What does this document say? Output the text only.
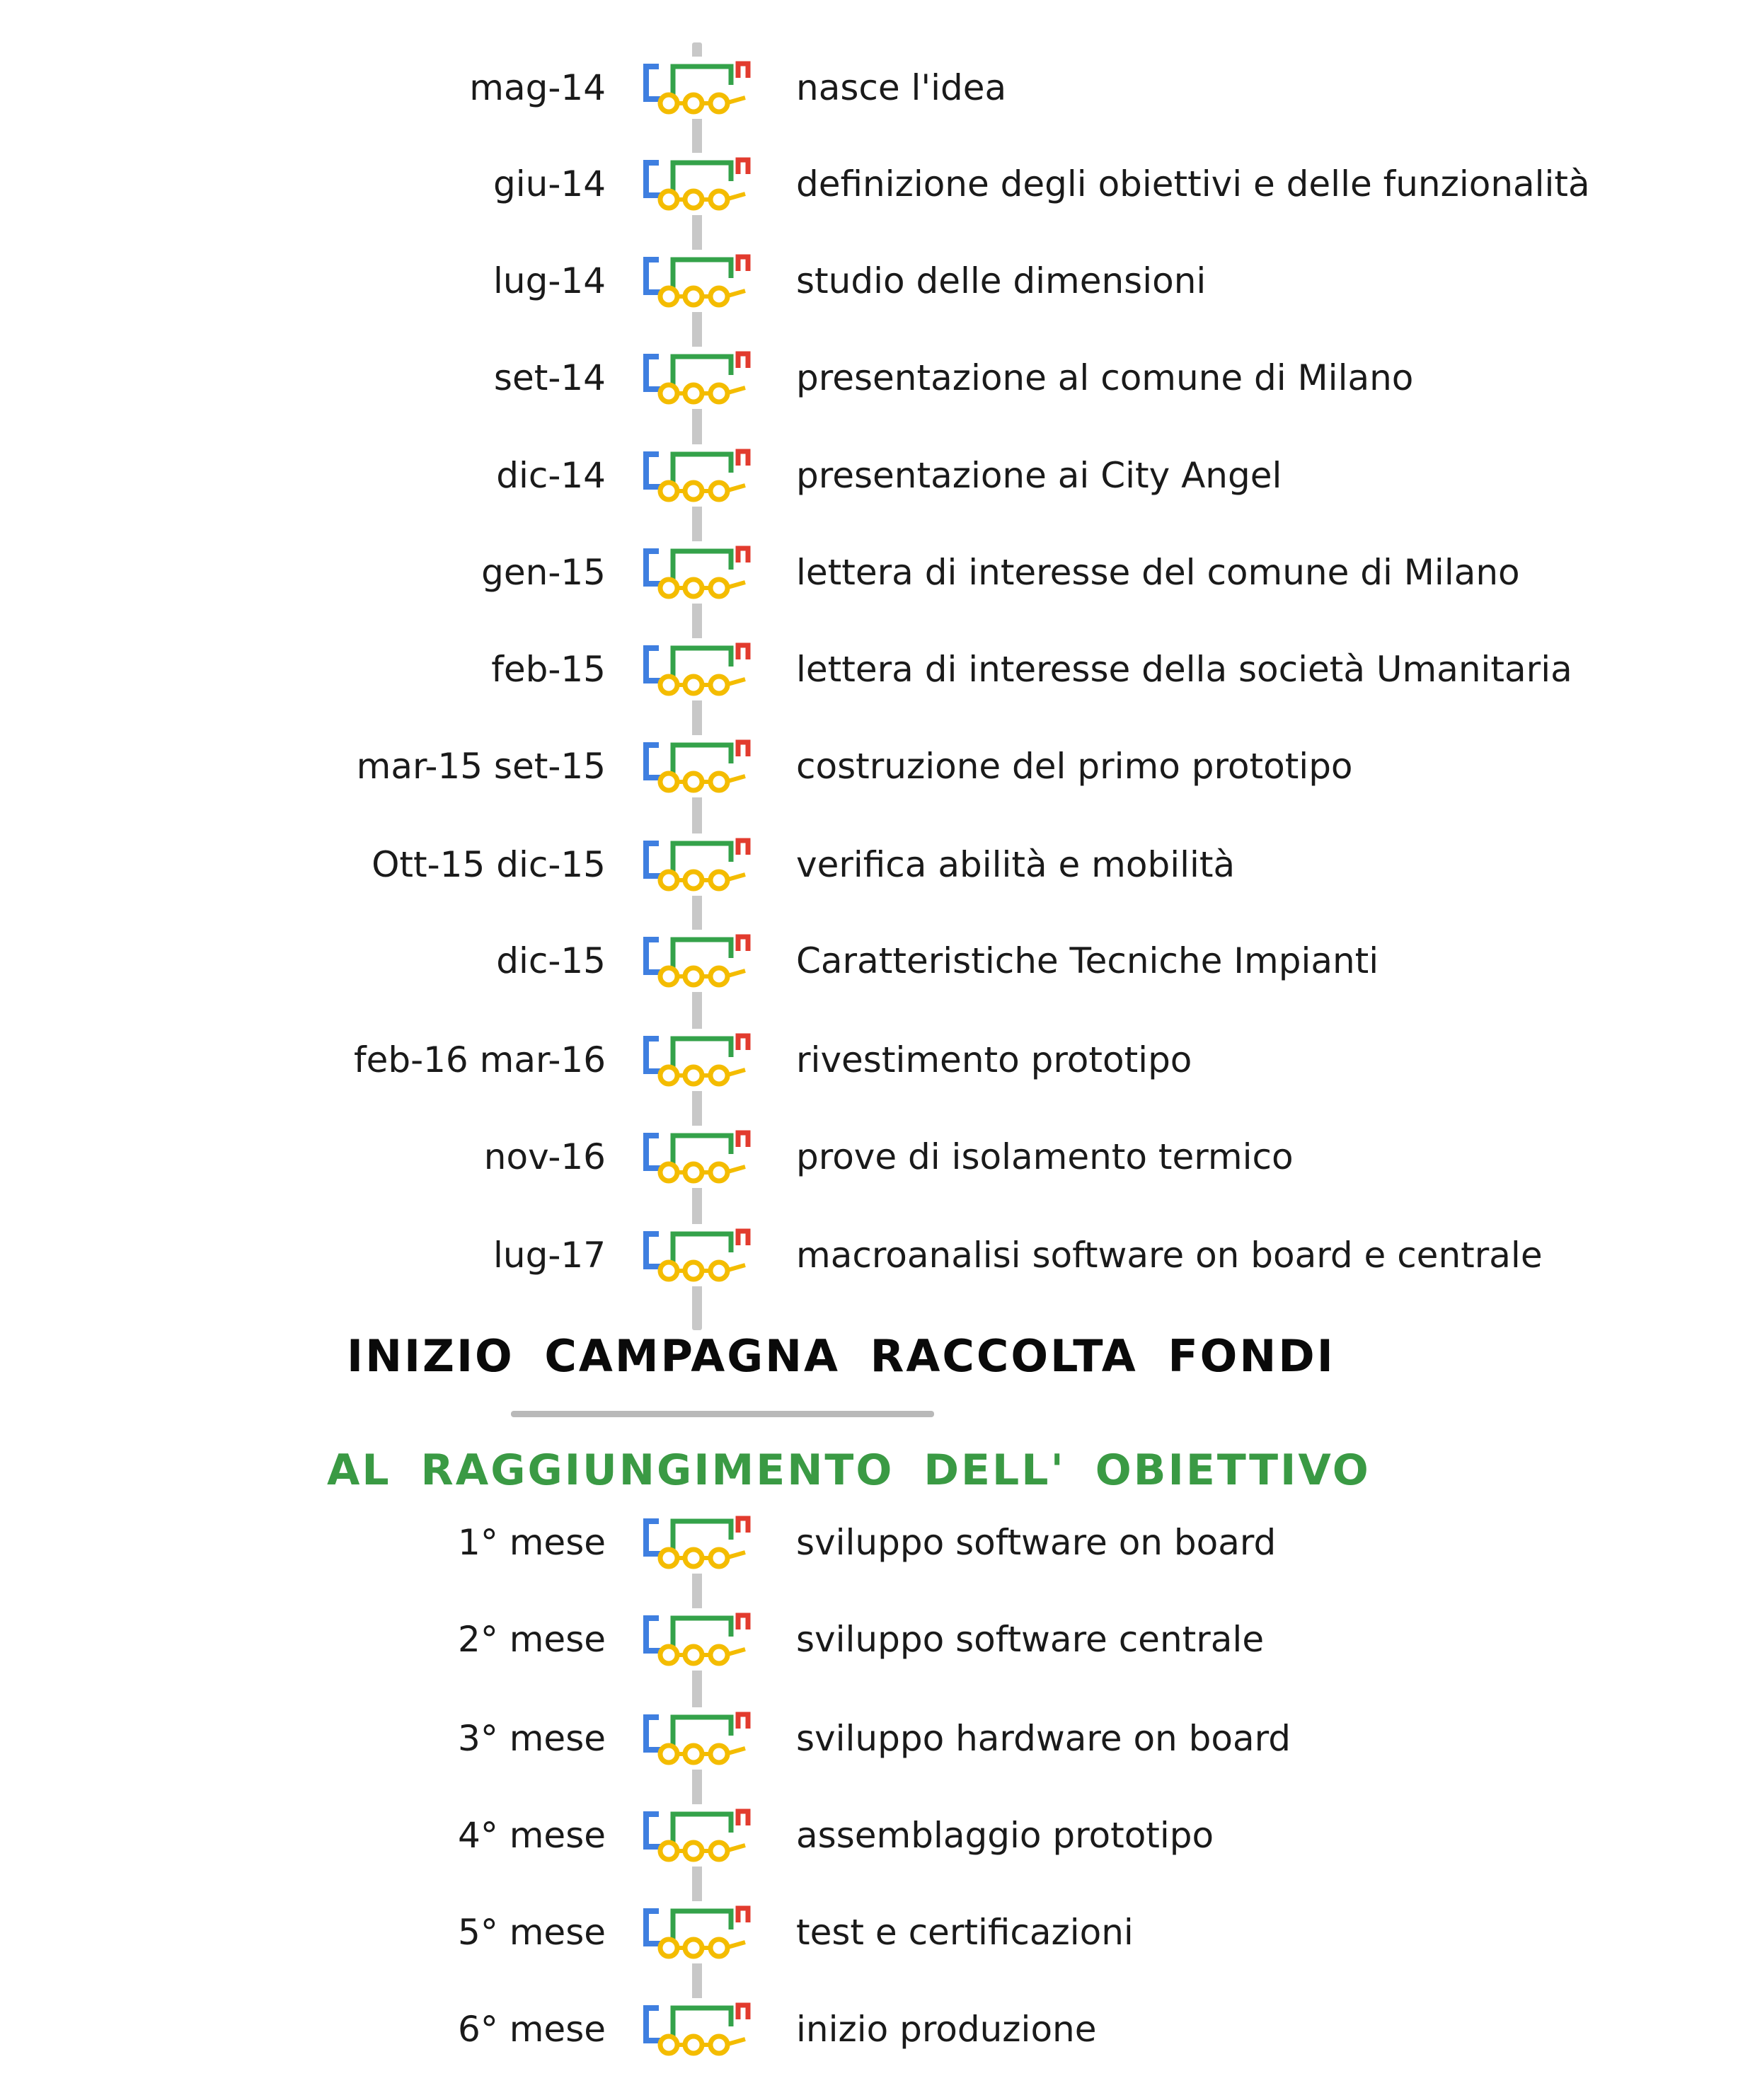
mag-14	nasce l'idea
giu-14	definizione degli obiettivi e delle funzionalità
lug-14	studio delle dimensioni
set-14	presentazione al comune di Milano
dic-14	presentazione ai City Angel
gen-15	lettera di interesse del comune di Milano
feb-15	lettera di interesse della società Umanitaria
mar-15 set-15	costruzione del primo prototipo
Ott-15 dic-15	verifica abilità e mobilità
dic-15	Caratteristiche Tecniche Impianti
feb-16 mar-16	rivestimento prototipo
nov-16	prove di isolamento termico
lug-17	macroanalisi software on board e centrale
INIZIO CAMPAGNA RACCOLTA FONDI
AL RAGGIUNGIMENTO DELL' OBIETTIVO
1° mese	sviluppo software on board
2° mese	sviluppo software centrale
3° mese	sviluppo hardware on board
4° mese	assemblaggio prototipo
5° mese	test e certificazioni
6° mese	inizio produzione
